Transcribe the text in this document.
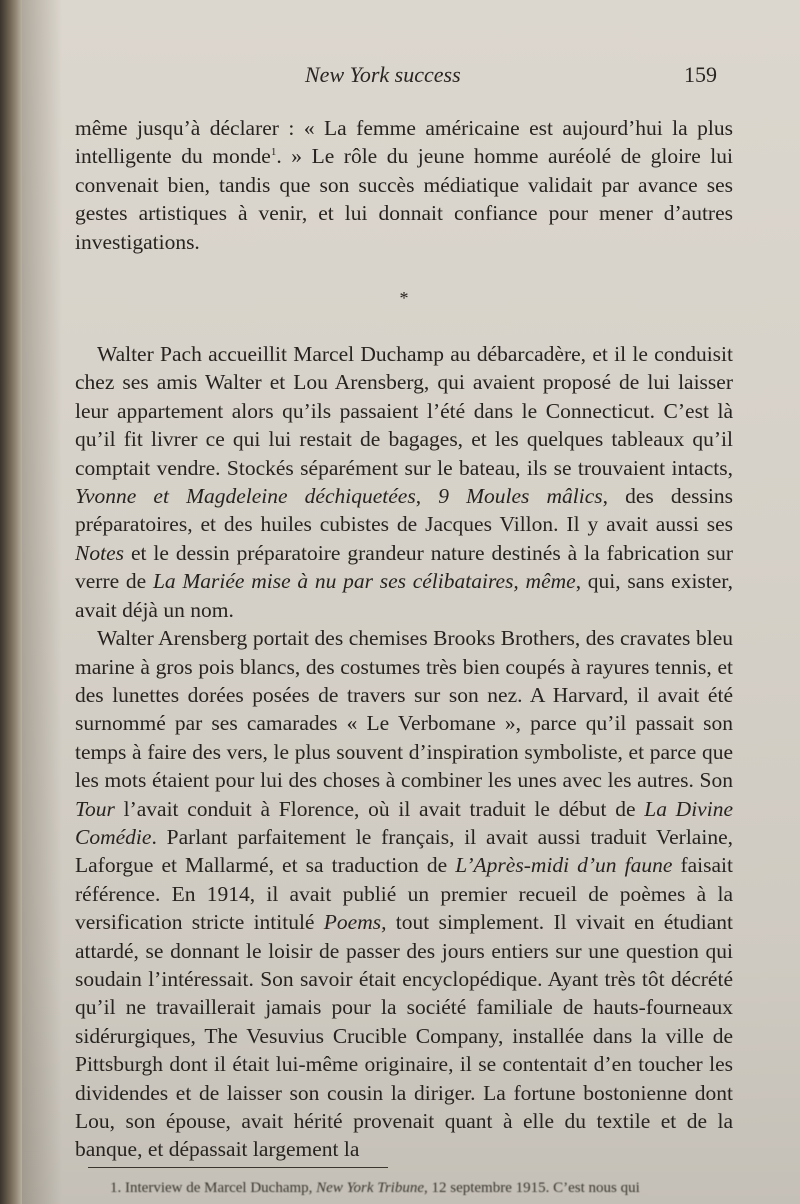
New York success	159

même jusqu’à déclarer : « La femme américaine est aujourd’hui la plus intelligente du monde$^1$. » Le rôle du jeune homme auréolé de gloire lui convenait bien, tandis que son succès médiatique validait par avance ses gestes artistiques à venir, et lui donnait confiance pour mener d’autres investigations.

*

Walter Pach accueillit Marcel Duchamp au débarcadère, et il le conduisit chez ses amis Walter et Lou Arensberg, qui avaient proposé de lui laisser leur appartement alors qu’ils passaient l’été dans le Connecticut. C’est là qu’il fit livrer ce qui lui restait de bagages, et les quelques tableaux qu’il comptait vendre. Stockés séparément sur le bateau, ils se trouvaient intacts, Yvonne et Magdeleine déchiquetées, 9 Moules mâlics, des dessins préparatoires, et des huiles cubistes de Jacques Villon. Il y avait aussi ses Notes et le dessin préparatoire grandeur nature destinés à la fabrication sur verre de La Mariée mise à nu par ses célibataires, même, qui, sans exister, avait déjà un nom.

Walter Arensberg portait des chemises Brooks Brothers, des cravates bleu marine à gros pois blancs, des costumes très bien coupés à rayures tennis, et des lunettes dorées posées de travers sur son nez. A Harvard, il avait été surnommé par ses camarades « Le Verbomane », parce qu’il passait son temps à faire des vers, le plus souvent d’inspiration symboliste, et parce que les mots étaient pour lui des choses à combiner les unes avec les autres. Son Tour l’avait conduit à Florence, où il avait traduit le début de La Divine Comédie. Parlant parfaitement le français, il avait aussi traduit Verlaine, Laforgue et Mallarmé, et sa traduction de L’Après-midi d’un faune faisait référence. En 1914, il avait publié un premier recueil de poèmes à la versification stricte intitulé Poems, tout simplement. Il vivait en étudiant attardé, se donnant le loisir de passer des jours entiers sur une question qui soudain l’intéressait. Son savoir était encyclopédique. Ayant très tôt décrété qu’il ne travaillerait jamais pour la société familiale de hauts-fourneaux sidérurgiques, The Vesuvius Crucible Company, installée dans la ville de Pittsburgh dont il était lui-même originaire, il se contentait d’en toucher les dividendes et de laisser son cousin la diriger. La fortune bostonienne dont Lou, son épouse, avait hérité provenait quant à elle du textile et de la banque, et dépassait largement la

1. Interview de Marcel Duchamp, New York Tribune, 12 septembre 1915. C’est nous qui
